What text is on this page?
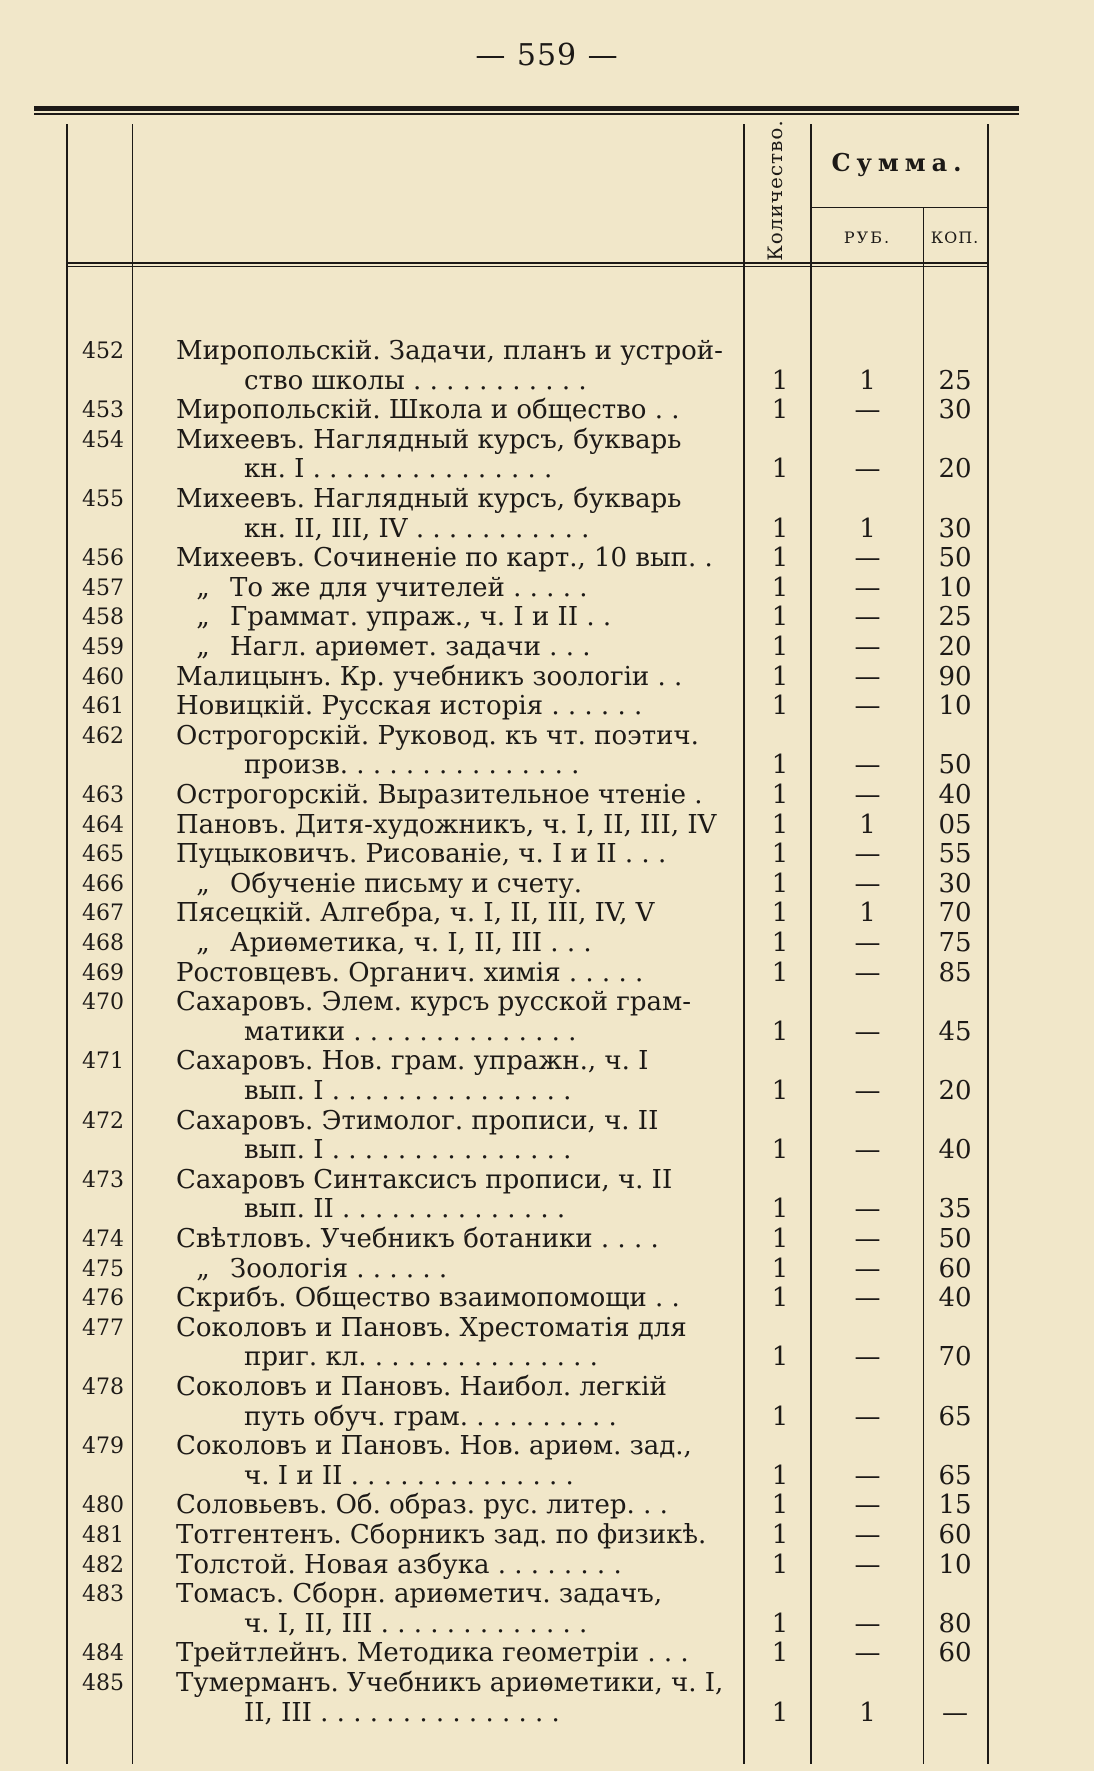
— 559 —
Количество.	Сумма.
РУБ.	КОП.
452 Миропольскій. Задачи, планъ и устрой-
ство школы . . . . . . . . . . .	1	1	25
453 Миропольскій. Школа и общество . .	1	—	30
454 Михеевъ. Наглядный курсъ, букварь
кн. I . . . . . . . . . . . . . . .	1	—	20
455 Михеевъ. Наглядный курсъ, букварь
кн. II, III, IV . . . . . . . . . . .	1	1	30
456 Михеевъ. Сочиненіе по карт., 10 вып. .	1	—	50
457	„ То же для учителей . . . . .	1	—	10
458	„ Граммат. упраж., ч. I и II . .	1	—	25
459	„ Нагл. ариѳмет. задачи . . .	1	—	20
460 Малицынъ. Кр. учебникъ зоологіи . .	1	—	90
461 Новицкій. Русская исторія . . . . . .	1	—	10
462 Острогорскій. Руковод. къ чт. поэтич.
произв. . . . . . . . . . . . . . .	1	—	50
463 Острогорскій. Выразительное чтеніе .	1	—	40
464 Пановъ. Дитя-художникъ, ч. I, II, III, IV	1	1	05
465 Пуцыковичъ. Рисованіе, ч. I и II . . .	1	—	55
466	„ Обученіе письму и счету.	1	—	30
467 Пясецкій. Алгебра, ч. I, II, III, IV, V	1	1	70
468	„ Ариѳметика, ч. I, II, III . . .	1	—	75
469 Ростовцевъ. Органич. химія . . . . .	1	—	85
470 Сахаровъ. Элем. курсъ русской грам-
матики . . . . . . . . . . . . . .	1	—	45
471 Сахаровъ. Нов. грам. упражн., ч. I
вып. I . . . . . . . . . . . . . . .	1	—	20
472 Сахаровъ. Этимолог. прописи, ч. II
вып. I . . . . . . . . . . . . . . .	1	—	40
473 Сахаровъ Синтаксисъ прописи, ч. II
вып. II . . . . . . . . . . . . . .	1	—	35
474 Свѣтловъ. Учебникъ ботаники . . . .	1	—	50
475	„ Зоологія . . . . . .	1	—	60
476 Скрибъ. Общество взаимопомощи . .	1	—	40
477 Соколовъ и Пановъ. Хрестоматія для
приг. кл. . . . . . . . . . . . . . .	1	—	70
478 Соколовъ и Пановъ. Наибол. легкій
путь обуч. грам. . . . . . . . . .	1	—	65
479 Соколовъ и Пановъ. Нов. ариѳм. зад.,
ч. I и II . . . . . . . . . . . . . .	1	—	65
480 Соловьевъ. Об. образ. рус. литер. . .	1	—	15
481 Тотгентенъ. Сборникъ зад. по физикѣ.	1	—	60
482 Толстой. Новая азбука . . . . . . . .	1	—	10
483 Томасъ. Сборн. ариѳметич. задачъ,
ч. I, II, III . . . . . . . . . . . . .	1	—	80
484 Трейтлейнъ. Методика геометріи . . .	1	—	60
485 Тумерманъ. Учебникъ ариѳметики, ч. I,
II, III . . . . . . . . . . . . . . .	1	1	—
